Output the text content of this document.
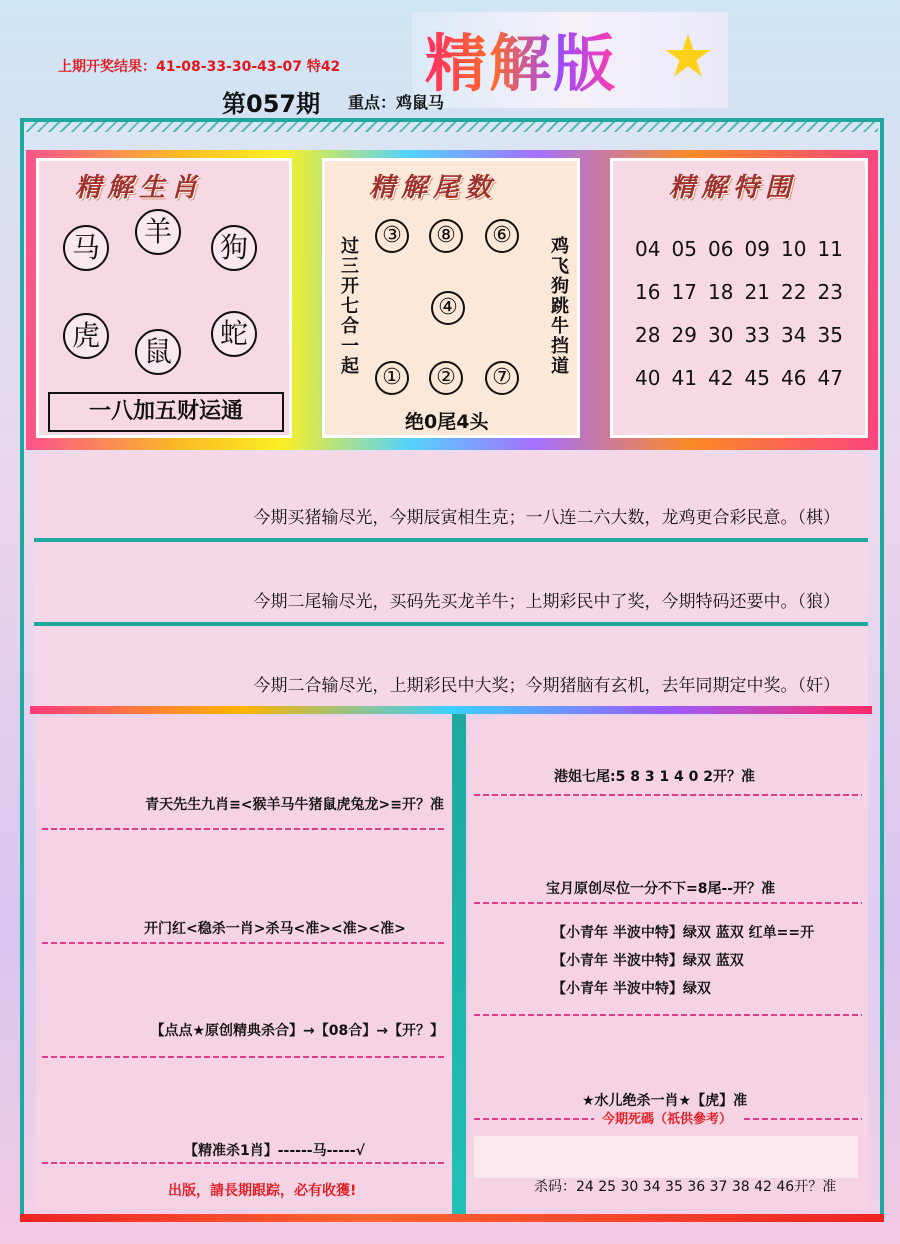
上期开奖结果：41-08-33-30-43-07 特42 精解版 ★
第057期 重点：鸡鼠马
精解生肖
马	羊	狗
虎	鼠
蛇
一八加五财运通
精解尾数
③	⑧	⑥
④
①	②	⑦
过
三
开
七
合
一
起
鸡
飞
狗
跳
牛
挡
道
绝0尾4头
精解特围
04 05 06 09 10 11
16 17 18 21 22 23
28 29 30 33 34 35
40 41 42 45 46 47
今期买猪输尽光，今期辰寅相生克；一八连二六大数，龙鸡更合彩民意。（棋）
今期二尾输尽光，买码先买龙羊牛；上期彩民中了奖，今期特码还要中。（狼）
今期二合输尽光，上期彩民中大奖；今期猪脑有玄机，去年同期定中奖。（奸）
青天先生九肖≡<猴羊马牛猪鼠虎兔龙>≡开？准
开门红<稳杀一肖>杀马<准><准><准>
【点点★原创精典杀合】→【08合】→【开？】
【精准杀1肖】------马-----√
出版，請長期跟踪，必有收獲!
港姐七尾:5 8 3 1 4 0 2开？准
宝月原创尽位一分不下=8尾--开？准
【小青年 半波中特】绿双 蓝双 红单==开
【小青年 半波中特】绿双 蓝双
【小青年 半波中特】绿双
★水儿绝杀一肖★【虎】准
今期死碼（祇供參考）
杀码：24 25 30 34 35 36 37 38 42 46开？准
